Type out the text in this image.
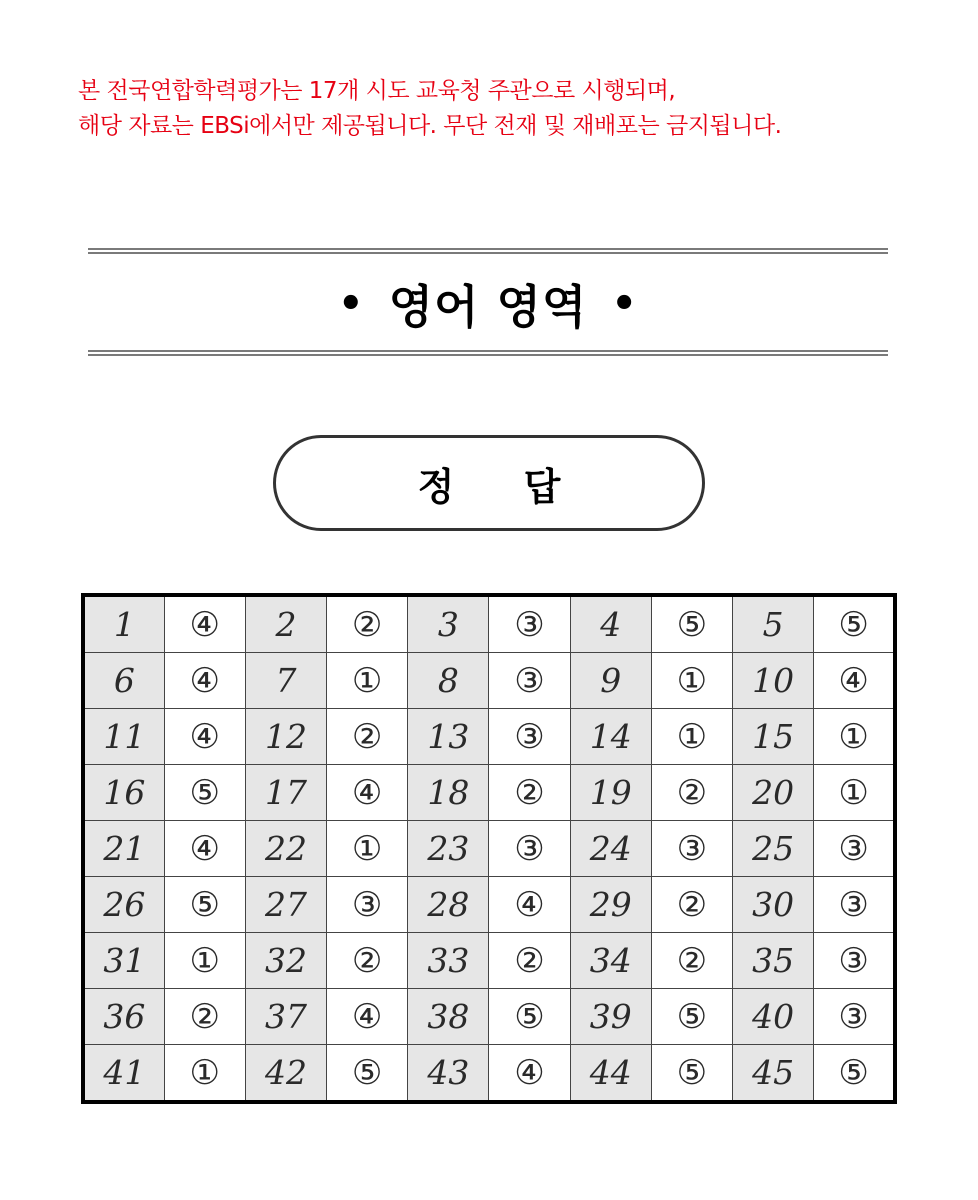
본 전국연합학력평가는 17개 시도 교육청 주관으로 시행되며,
해당 자료는 EBSi에서만 제공됩니다. 무단 전재 및 재배포는 금지됩니다.
• 영어 영역 •
정 답
1	④	2	②	3	③	4	⑤	5	⑤
6	④	7	①	8	③	9	①	10	④
11	④	12	②	13	③	14	①	15	①
16	⑤	17	④	18	②	19	②	20	①
21	④	22	①	23	③	24	③	25	③
26	⑤	27	③	28	④	29	②	30	③
31	①	32	②	33	②	34	②	35	③
36	②	37	④	38	⑤	39	⑤	40	③
41	①	42	⑤	43	④	44	⑤	45	⑤
